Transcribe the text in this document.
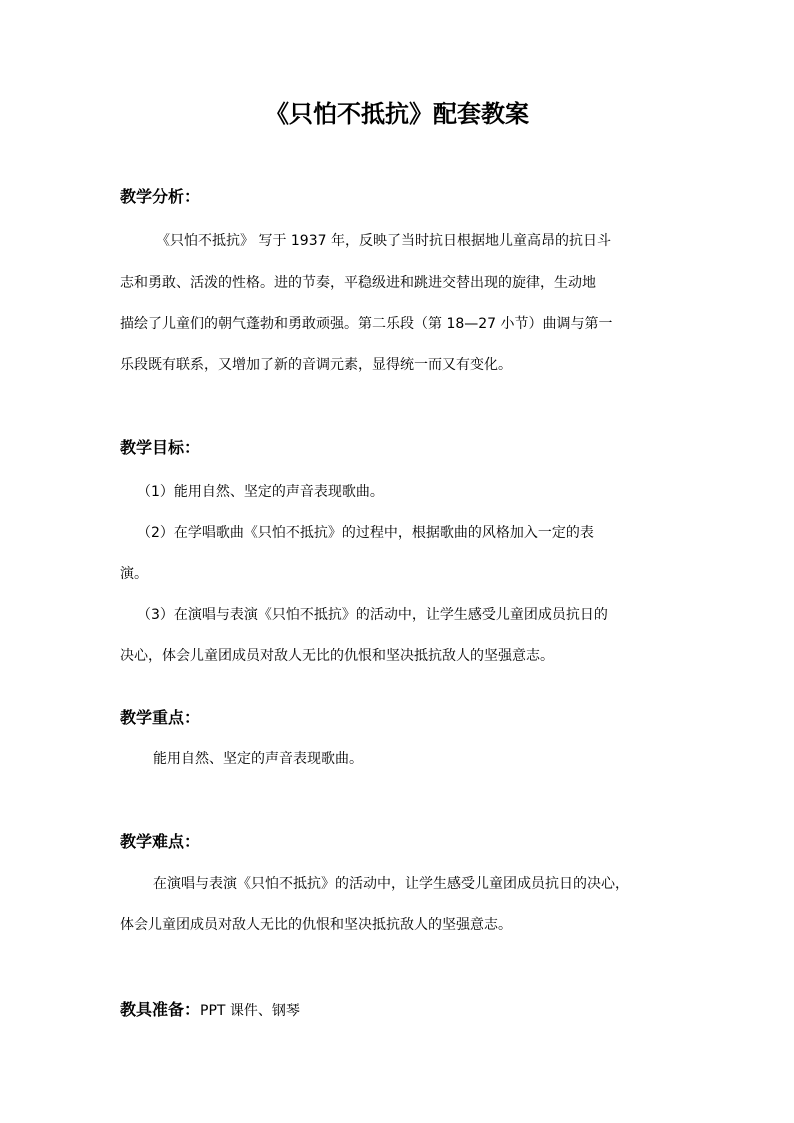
《只怕不抵抗》配套教案
教学分析：
《只怕不抵抗》 写于 1937 年，反映了当时抗日根据地儿童高昂的抗日斗
志和勇敢、活泼的性格。进的节奏，平稳级进和跳进交替出现的旋律，生动地
描绘了儿童们的朝气蓬勃和勇敢顽强。第二乐段（第 18—27 小节）曲调与第一
乐段既有联系，又增加了新的音调元素，显得统一而又有变化。
教学目标：
（1）能用自然、坚定的声音表现歌曲。
（2）在学唱歌曲《只怕不抵抗》的过程中，根据歌曲的风格加入一定的表
演。
（3）在演唱与表演《只怕不抵抗》的活动中，让学生感受儿童团成员抗日的
决心，体会儿童团成员对敌人无比的仇恨和坚决抵抗敌人的坚强意志。
教学重点：
能用自然、坚定的声音表现歌曲。
教学难点：
在演唱与表演《只怕不抵抗》的活动中，让学生感受儿童团成员抗日的决心，
体会儿童团成员对敌人无比的仇恨和坚决抵抗敌人的坚强意志。
教具准备：PPT 课件、钢琴
